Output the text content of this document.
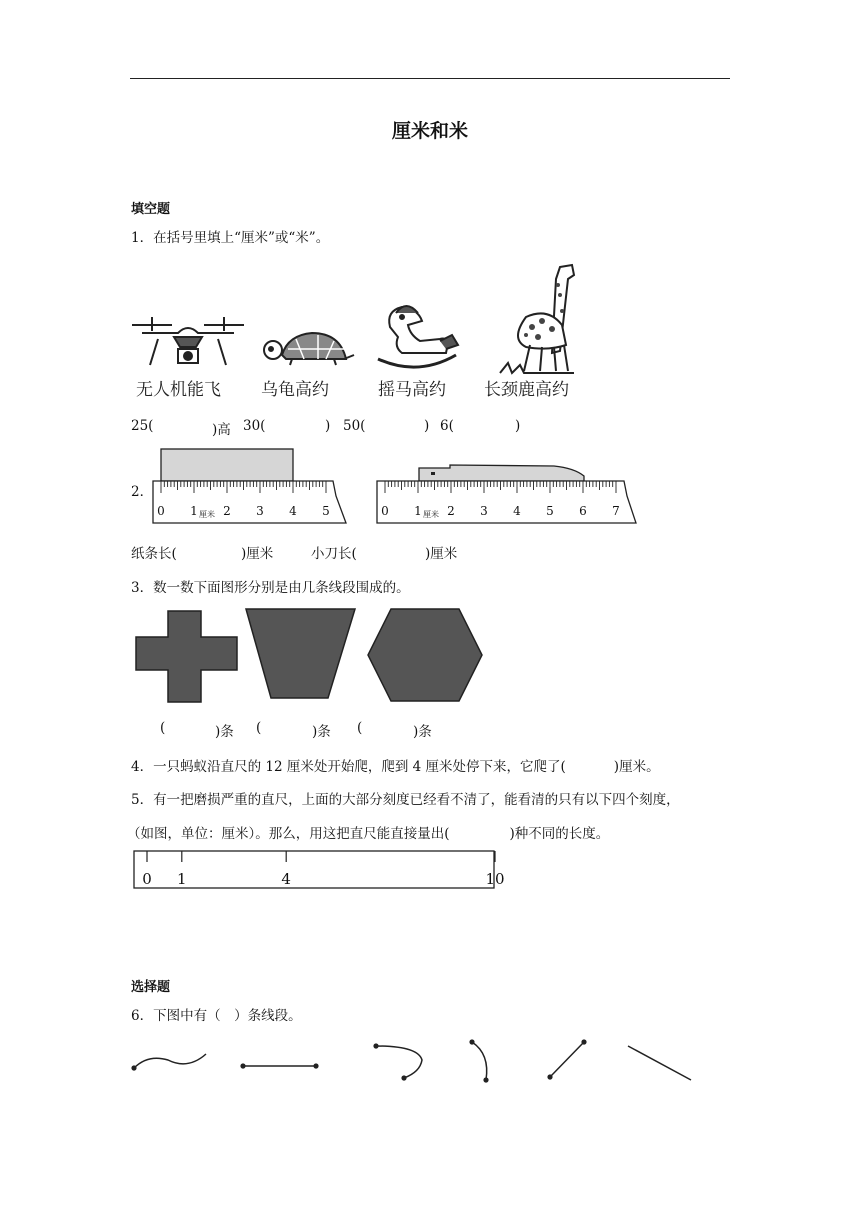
厘米和米
填空题
1．在括号里填上“厘米”或“米”。
无人机能飞 乌龟高约	摇马高约 长颈鹿高约
25(	)高 30(	) 50(	) 6(	)
2．
0 1 2 3 4 5
厘米	0 1 2 3 4 5 6 7
厘米
纸条长(	)厘米	小刀长(	)厘米
3．数一数下面图形分别是由几条线段围成的。
(	)条 (	)条 (	)条
4．一只蚂蚁沿直尺的 12 厘米处开始爬，爬到 4 厘米处停下来，它爬了(	)厘米。
5．有一把磨损严重的直尺，上面的大部分刻度已经看不清了，能看清的只有以下四个刻度，
（如图，单位：厘米）。那么，用这把直尺能直接量出(	)种不同的长度。
0 1	4	10
选择题
6．下图中有（　）条线段。
